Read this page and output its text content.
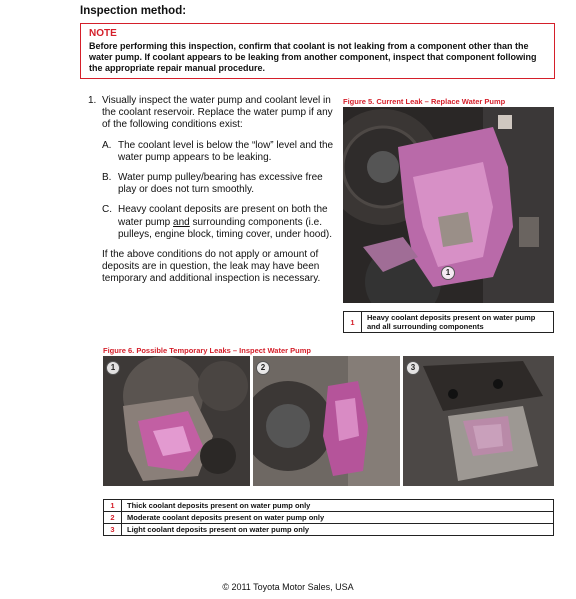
Inspection method:
NOTE
Before performing this inspection, confirm that coolant is not leaking from a component other than the water pump. If coolant appears to be leaking from another component, inspect that component following the appropriate repair manual procedure.
1. Visually inspect the water pump and coolant level in the coolant reservoir. Replace the water pump if any of the following conditions exist:
A. The coolant level is below the “low” level and the water pump appears to be leaking.
B. Water pump pulley/bearing has excessive free play or does not turn smoothly.
C. Heavy coolant deposits are present on both the water pump and surrounding components (i.e. pulleys, engine block, timing cover, under hood).
If the above conditions do not apply or amount of deposits are in question, the leak may have been temporary and additional inspection is necessary.
Figure 5. Current Leak – Replace Water Pump
1
1	Heavy coolant deposits present on water pump and all surrounding components
Figure 6. Possible Temporary Leaks – Inspect Water Pump
1	2	3
1	Thick coolant deposits present on water pump only
2	Moderate coolant deposits present on water pump only
3	Light coolant deposits present on water pump only
© 2011 Toyota Motor Sales, USA
